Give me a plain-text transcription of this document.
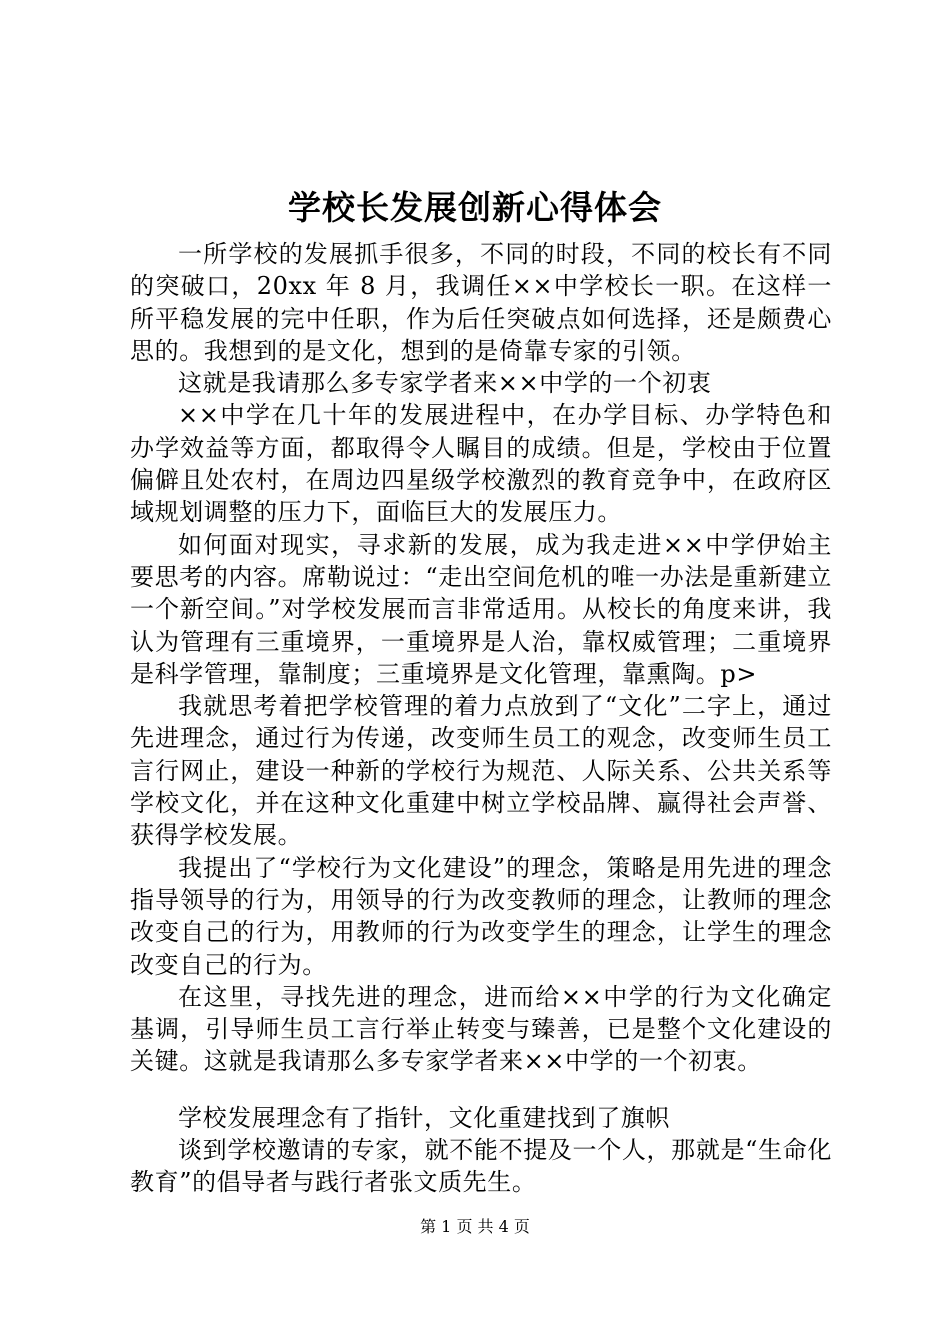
学校长发展创新心得体会

一所学校的发展抓手很多，不同的时段，不同的校长有不同的突破口，20xx 年 8 月，我调任××中学校长一职。在这样一所平稳发展的完中任职，作为后任突破点如何选择，还是颇费心思的。我想到的是文化，想到的是倚靠专家的引领。

这就是我请那么多专家学者来××中学的一个初衷

××中学在几十年的发展进程中，在办学目标、办学特色和办学效益等方面，都取得令人瞩目的成绩。但是，学校由于位置偏僻且处农村，在周边四星级学校激烈的教育竞争中，在政府区域规划调整的压力下，面临巨大的发展压力。

如何面对现实，寻求新的发展，成为我走进××中学伊始主要思考的内容。席勒说过：“走出空间危机的唯一办法是重新建立一个新空间。”对学校发展而言非常适用。从校长的角度来讲，我认为管理有三重境界，一重境界是人治，靠权威管理；二重境界是科学管理，靠制度；三重境界是文化管理，靠熏陶。p>

我就思考着把学校管理的着力点放到了“文化”二字上，通过先进理念，通过行为传递，改变师生员工的观念，改变师生员工言行网止，建设一种新的学校行为规范、人际关系、公共关系等学校文化，并在这种文化重建中树立学校品牌、赢得社会声誉、获得学校发展。

我提出了“学校行为文化建设”的理念，策略是用先进的理念指导领导的行为，用领导的行为改变教师的理念，让教师的理念改变自己的行为，用教师的行为改变学生的理念，让学生的理念改变自己的行为。

在这里，寻找先进的理念，进而给××中学的行为文化确定基调，引导师生员工言行举止转变与臻善，已是整个文化建设的关键。这就是我请那么多专家学者来××中学的一个初衷。

学校发展理念有了指针，文化重建找到了旗帜

谈到学校邀请的专家，就不能不提及一个人，那就是“生命化教育”的倡导者与践行者张文质先生。

第 1 页 共 4 页
